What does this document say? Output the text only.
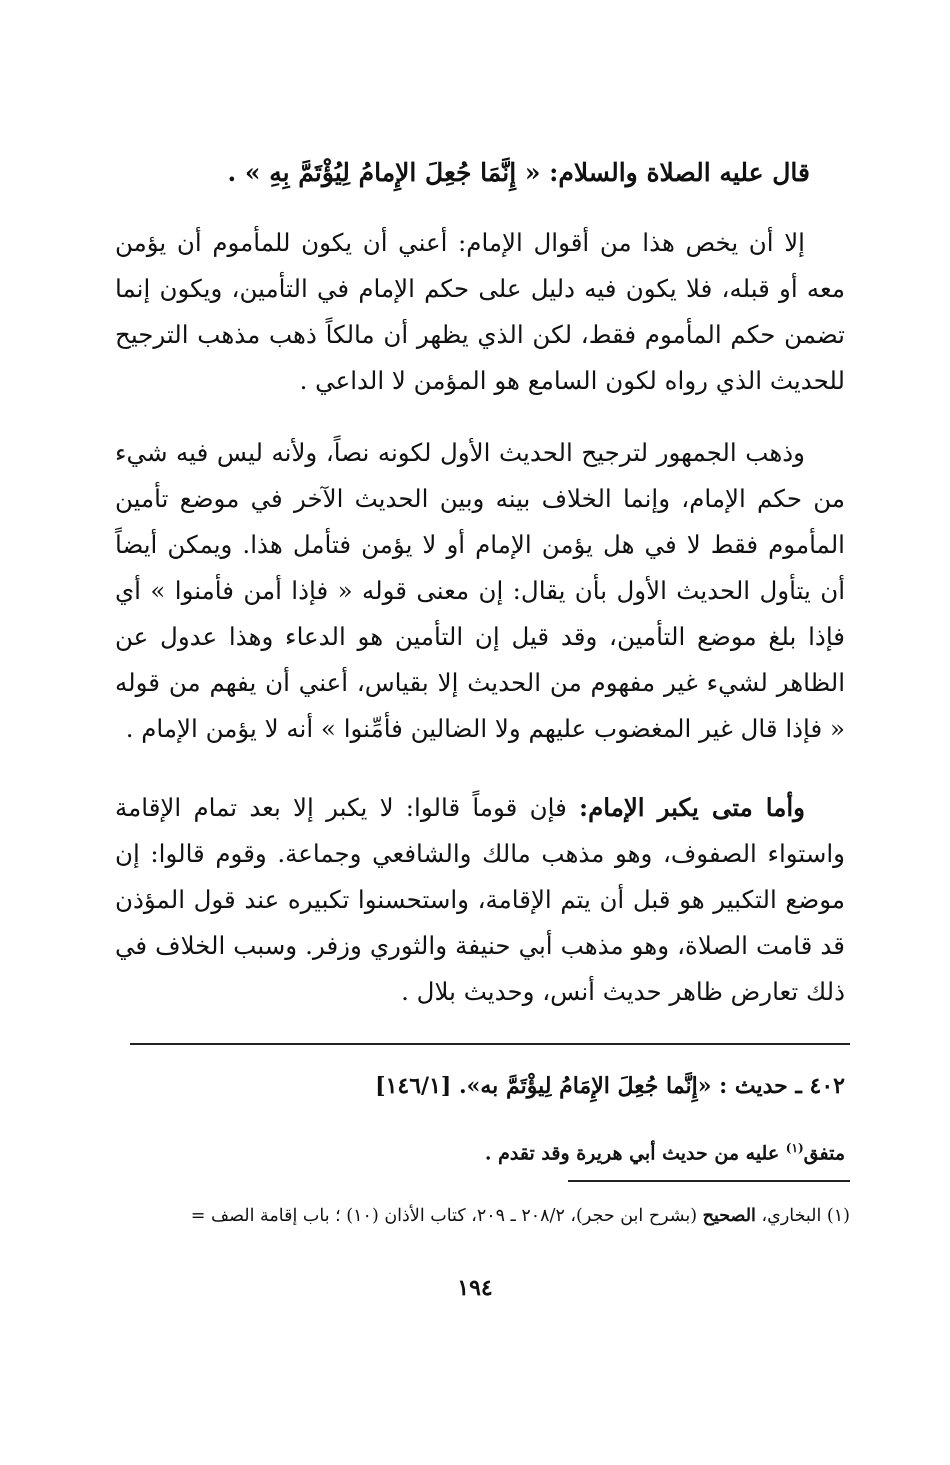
قال عليه الصلاة والسلام: « إِنَّمَا جُعِلَ الإِمامُ لِيُؤْتَمَّ بِهِ » .

إلا أن يخص هذا من أقوال الإمام: أعني أن يكون للمأموم أن يؤمن معه أو قبله، فلا يكون فيه دليل على حكم الإمام في التأمين، ويكون إنما تضمن حكم المأموم فقط، لكن الذي يظهر أن مالكاً ذهب مذهب الترجيح للحديث الذي رواه لكون السامع هو المؤمن لا الداعي .

وذهب الجمهور لترجيح الحديث الأول لكونه نصاً، ولأنه ليس فيه شيء من حكم الإمام، وإنما الخلاف بينه وبين الحديث الآخر في موضع تأمين المأموم فقط لا في هل يؤمن الإمام أو لا يؤمن فتأمل هذا. ويمكن أيضاً أن يتأول الحديث الأول بأن يقال: إن معنى قوله « فإذا أمن فأمنوا » أي فإذا بلغ موضع التأمين، وقد قيل إن التأمين هو الدعاء وهذا عدول عن الظاهر لشيء غير مفهوم من الحديث إلا بقياس، أعني أن يفهم من قوله « فإذا قال غير المغضوب عليهم ولا الضالين فأمِّنوا » أنه لا يؤمن الإمام .

وأما متى يكبر الإمام: فإن قوماً قالوا: لا يكبر إلا بعد تمام الإقامة واستواء الصفوف، وهو مذهب مالك والشافعي وجماعة. وقوم قالوا: إن موضع التكبير هو قبل أن يتم الإقامة، واستحسنوا تكبيره عند قول المؤذن قد قامت الصلاة، وهو مذهب أبي حنيفة والثوري وزفر. وسبب الخلاف في ذلك تعارض ظاهر حديث أنس، وحديث بلال .

٤٠٢ ـ حديث : «إِنَّما جُعِلَ الإِمَامُ لِيؤْتَمَّ به». [١٤٦/١]
متفق$^{(١)}$ عليه من حديث أبي هريرة وقد تقدم .
(١) البخاري، الصحيح (بشرح ابن حجر)، ٢٠٨/٢ ـ ٢٠٩، كتاب الأذان (١٠) ؛ باب إقامة الصف =
١٩٤
